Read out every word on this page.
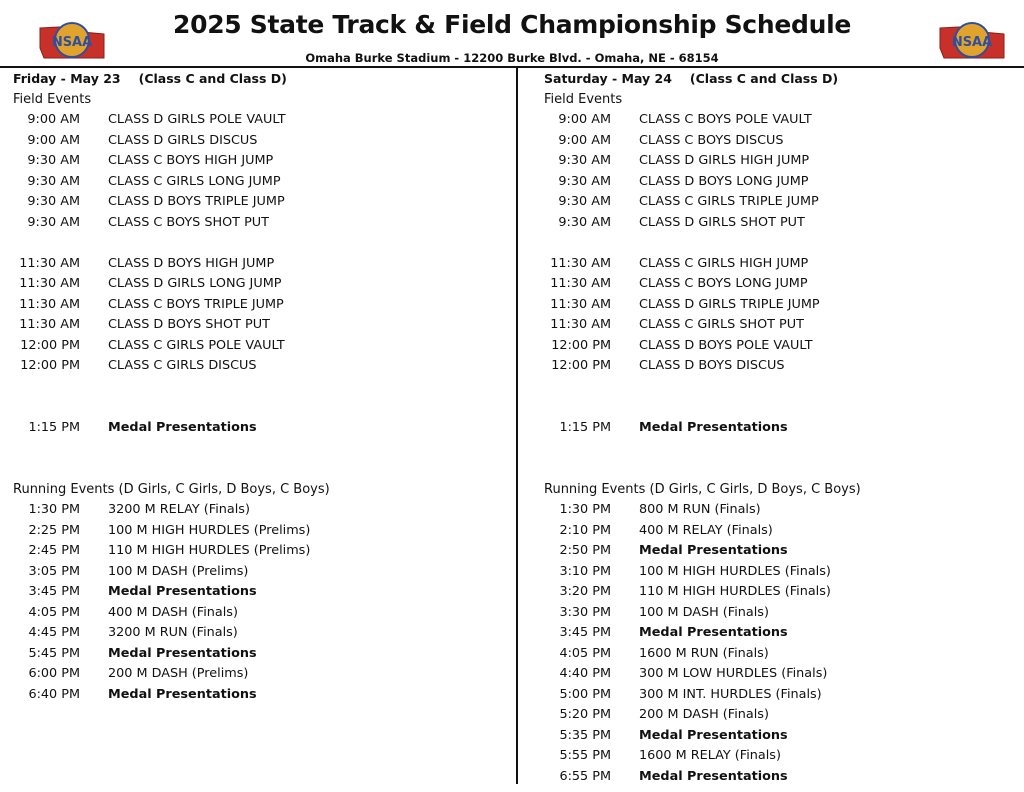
NSAA	NSAA
2025 State Track & Field Championship Schedule
Omaha Burke Stadium - 12200 Burke Blvd. - Omaha, NE - 68154
Friday - May 23 (Class C and Class D)
Field Events
9:00 AM CLASS D GIRLS POLE VAULT
9:00 AM CLASS D GIRLS DISCUS
9:30 AM CLASS C BOYS HIGH JUMP
9:30 AM CLASS C GIRLS LONG JUMP
9:30 AM CLASS D BOYS TRIPLE JUMP
9:30 AM CLASS C BOYS SHOT PUT
11:30 AM CLASS D BOYS HIGH JUMP
11:30 AM CLASS D GIRLS LONG JUMP
11:30 AM CLASS C BOYS TRIPLE JUMP
11:30 AM CLASS D BOYS SHOT PUT
12:00 PM CLASS C GIRLS POLE VAULT
12:00 PM CLASS C GIRLS DISCUS
1:15 PM Medal Presentations
Running Events (D Girls, C Girls, D Boys, C Boys)
1:30 PM 3200 M RELAY (Finals)
2:25 PM 100 M HIGH HURDLES (Prelims)
2:45 PM 110 M HIGH HURDLES (Prelims)
3:05 PM 100 M DASH (Prelims)
3:45 PM Medal Presentations
4:05 PM 400 M DASH (Finals)
4:45 PM 3200 M RUN (Finals)
5:45 PM Medal Presentations
6:00 PM 200 M DASH (Prelims)
6:40 PM Medal Presentations
Saturday - May 24 (Class C and Class D)
Field Events
9:00 AM CLASS C BOYS POLE VAULT
9:00 AM CLASS C BOYS DISCUS
9:30 AM CLASS D GIRLS HIGH JUMP
9:30 AM CLASS D BOYS LONG JUMP
9:30 AM CLASS C GIRLS TRIPLE JUMP
9:30 AM CLASS D GIRLS SHOT PUT
11:30 AM CLASS C GIRLS HIGH JUMP
11:30 AM CLASS C BOYS LONG JUMP
11:30 AM CLASS D GIRLS TRIPLE JUMP
11:30 AM CLASS C GIRLS SHOT PUT
12:00 PM CLASS D BOYS POLE VAULT
12:00 PM CLASS D BOYS DISCUS
1:15 PM Medal Presentations
Running Events (D Girls, C Girls, D Boys, C Boys)
1:30 PM 800 M RUN (Finals)
2:10 PM 400 M RELAY (Finals)
2:50 PM Medal Presentations
3:10 PM 100 M HIGH HURDLES (Finals)
3:20 PM 110 M HIGH HURDLES (Finals)
3:30 PM 100 M DASH (Finals)
3:45 PM Medal Presentations
4:05 PM 1600 M RUN (Finals)
4:40 PM 300 M LOW HURDLES (Finals)
5:00 PM 300 M INT. HURDLES (Finals)
5:20 PM 200 M DASH (Finals)
5:35 PM Medal Presentations
5:55 PM 1600 M RELAY (Finals)
6:55 PM Medal Presentations
